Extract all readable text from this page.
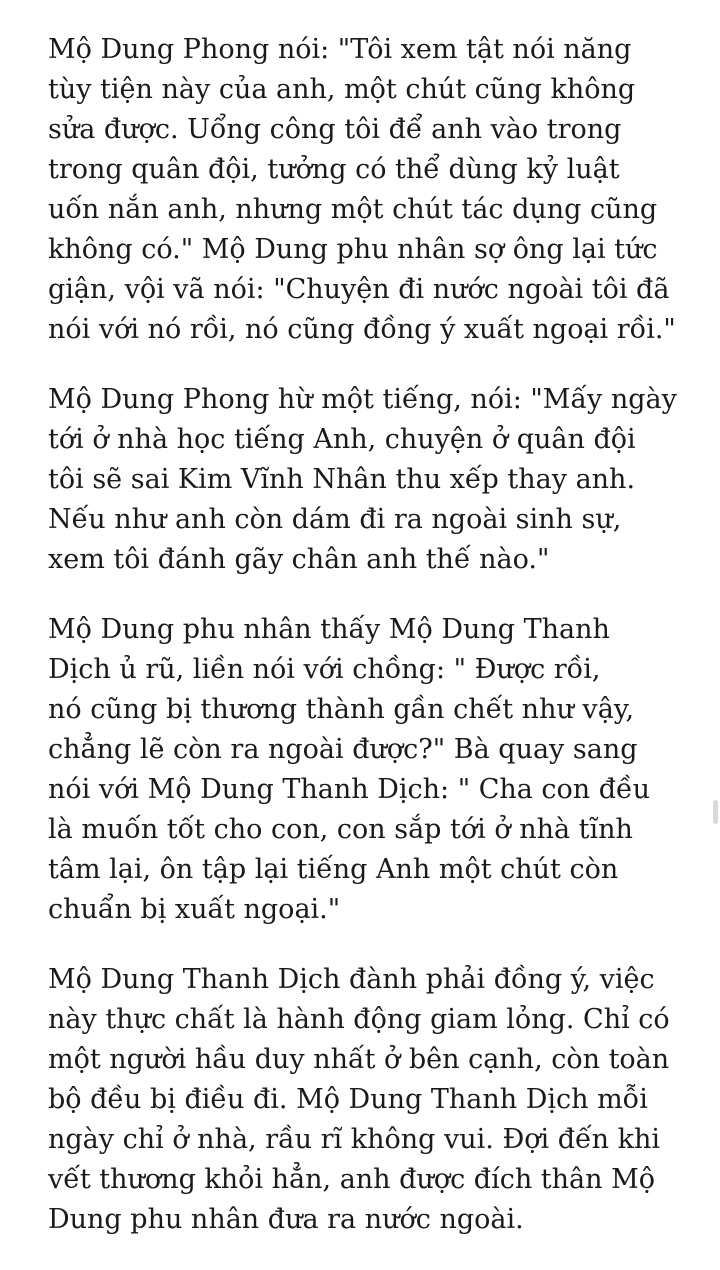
Mộ Dung Phong nói: "Tôi xem tật nói năng
tùy tiện này của anh, một chút cũng không
sửa được. Uổng công tôi để anh vào trong
trong quân đội, tưởng có thể dùng kỷ luật
uốn nắn anh, nhưng một chút tác dụng cũng
không có." Mộ Dung phu nhân sợ ông lại tức
giận, vội vã nói: "Chuyện đi nước ngoài tôi đã
nói với nó rồi, nó cũng đồng ý xuất ngoại rồi."

Mộ Dung Phong hừ một tiếng, nói: "Mấy ngày
tới ở nhà học tiếng Anh, chuyện ở quân đội
tôi sẽ sai Kim Vĩnh Nhân thu xếp thay anh.
Nếu như anh còn dám đi ra ngoài sinh sự,
xem tôi đánh gãy chân anh thế nào."

Mộ Dung phu nhân thấy Mộ Dung Thanh
Dịch ủ rũ, liền nói với chồng: " Được rồi,
nó cũng bị thương thành gần chết như vậy,
chẳng lẽ còn ra ngoài được?" Bà quay sang
nói với Mộ Dung Thanh Dịch: " Cha con đều
là muốn tốt cho con, con sắp tới ở nhà tĩnh
tâm lại, ôn tập lại tiếng Anh một chút còn
chuẩn bị xuất ngoại."

Mộ Dung Thanh Dịch đành phải đồng ý, việc
này thực chất là hành động giam lỏng. Chỉ có
một người hầu duy nhất ở bên cạnh, còn toàn
bộ đều bị điều đi. Mộ Dung Thanh Dịch mỗi
ngày chỉ ở nhà, rầu rĩ không vui. Đợi đến khi
vết thương khỏi hẳn, anh được đích thân Mộ
Dung phu nhân đưa ra nước ngoài.
